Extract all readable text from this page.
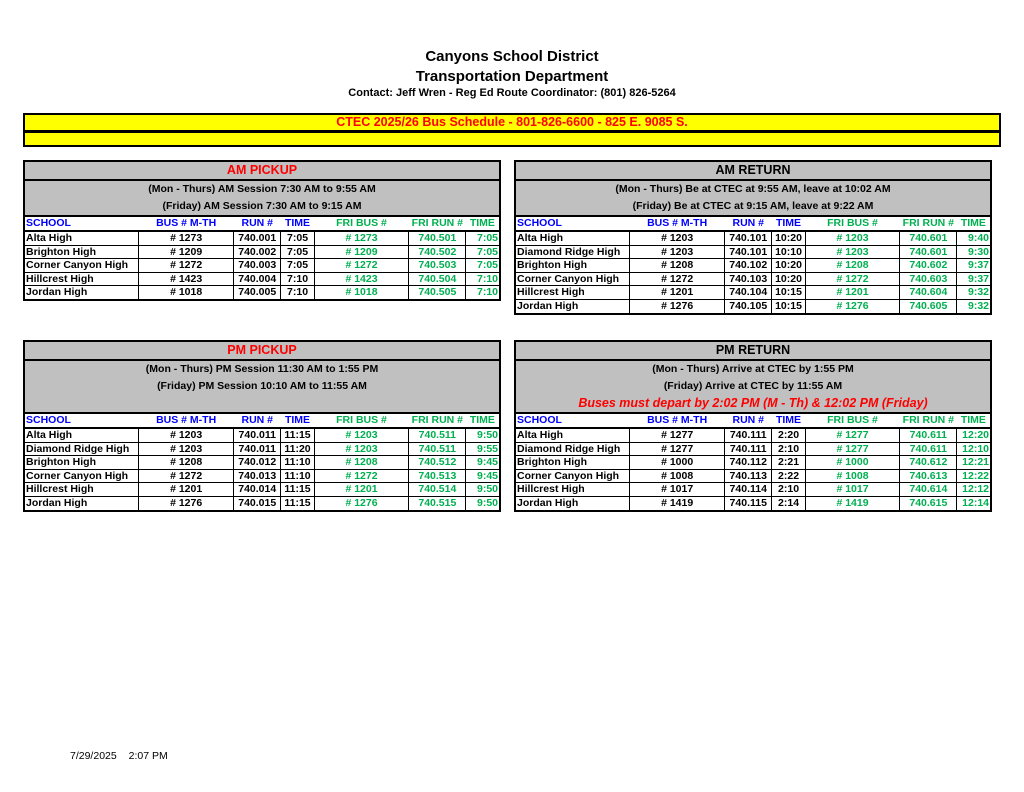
Canyons School District
Transportation Department
Contact: Jeff Wren - Reg Ed Route Coordinator: (801) 826-5264
CTEC 2025/26 Bus Schedule - 801-826-6600 - 825 E. 9085 S.
AM PICKUP
(Mon - Thurs) AM Session 7:30 AM to 9:55 AM
(Friday) AM Session 7:30 AM to 9:15 AM
SCHOOL	BUS # M-TH	RUN #	TIME	FRI BUS #	FRI RUN #	TIME
Alta High	# 1273	740.001	7:05	# 1273	740.501	7:05
Brighton High	# 1209	740.002	7:05	# 1209	740.502	7:05
Corner Canyon High	# 1272	740.003	7:05	# 1272	740.503	7:05
Hillcrest High	# 1423	740.004	7:10	# 1423	740.504	7:10
Jordan High	# 1018	740.005	7:10	# 1018	740.505	7:10
AM RETURN
(Mon - Thurs) Be at CTEC at 9:55 AM, leave at 10:02 AM
(Friday) Be at CTEC at 9:15 AM, leave at 9:22 AM
SCHOOL	BUS # M-TH	RUN #	TIME	FRI BUS #	FRI RUN #	TIME
Alta High	# 1203	740.101	10:20	# 1203	740.601	9:40
Diamond Ridge High	# 1203	740.101	10:10	# 1203	740.601	9:30
Brighton High	# 1208	740.102	10:20	# 1208	740.602	9:37
Corner Canyon High	# 1272	740.103	10:20	# 1272	740.603	9:37
Hillcrest High	# 1201	740.104	10:15	# 1201	740.604	9:32
Jordan High	# 1276	740.105	10:15	# 1276	740.605	9:32
PM PICKUP
(Mon - Thurs) PM Session 11:30 AM to 1:55 PM
(Friday) PM Session 10:10 AM to 11:55 AM
SCHOOL	BUS # M-TH	RUN #	TIME	FRI BUS #	FRI RUN #	TIME
Alta High	# 1203	740.011	11:15	# 1203	740.511	9:50
Diamond Ridge High	# 1203	740.011	11:20	# 1203	740.511	9:55
Brighton High	# 1208	740.012	11:10	# 1208	740.512	9:45
Corner Canyon High	# 1272	740.013	11:10	# 1272	740.513	9:45
Hillcrest High	# 1201	740.014	11:15	# 1201	740.514	9:50
Jordan High	# 1276	740.015	11:15	# 1276	740.515	9:50
PM RETURN
(Mon - Thurs) Arrive at CTEC by 1:55 PM
(Friday) Arrive at CTEC by 11:55 AM
Buses must depart by 2:02 PM (M - Th) & 12:02 PM (Friday)
SCHOOL	BUS # M-TH	RUN #	TIME	FRI BUS #	FRI RUN #	TIME
Alta High	# 1277	740.111	2:20	# 1277	740.611	12:20
Diamond Ridge High	# 1277	740.111	2:10	# 1277	740.611	12:10
Brighton High	# 1000	740.112	2:21	# 1000	740.612	12:21
Corner Canyon High	# 1008	740.113	2:22	# 1008	740.613	12:22
Hillcrest High	# 1017	740.114	2:10	# 1017	740.614	12:12
Jordan High	# 1419	740.115	2:14	# 1419	740.615	12:14
7/29/2025 2:07 PM
